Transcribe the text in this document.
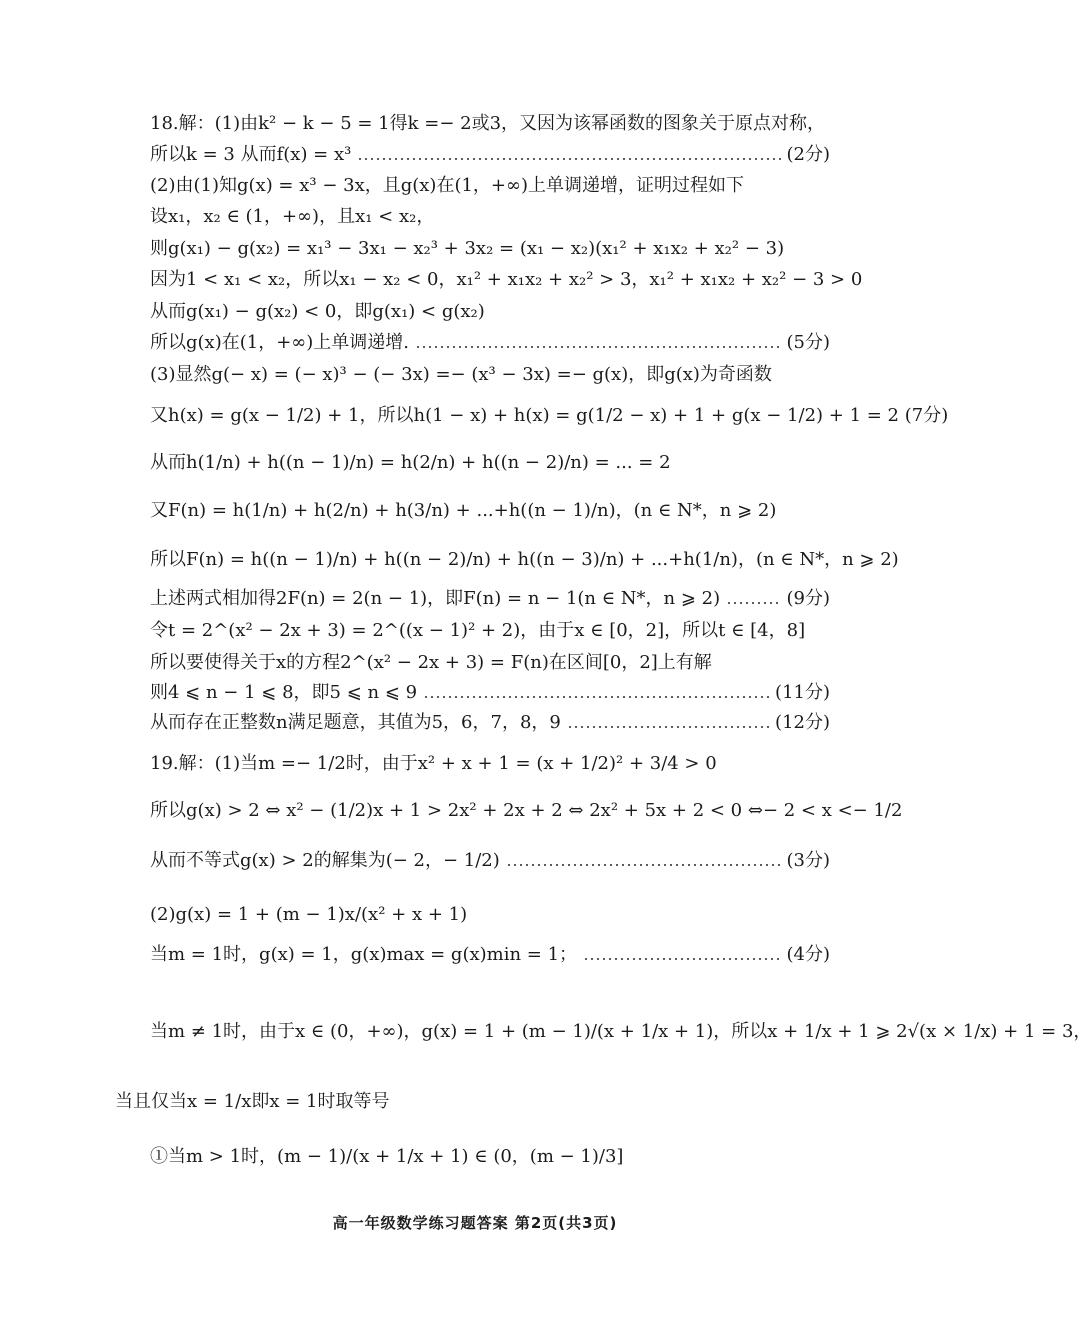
18.解：(1)由k² − k − 5 = 1得k =− 2或3，又因为该幂函数的图象关于原点对称，
所以k = 3 从而f(x) = x³	(2分)
(2)由(1)知g(x) = x³ − 3x，且g(x)在(1，+∞)上单调递增，证明过程如下
设x₁，x₂ ∈ (1，+∞)，且x₁ < x₂，
则g(x₁) − g(x₂) = x₁³ − 3x₁ − x₂³ + 3x₂ = (x₁ − x₂)(x₁² + x₁x₂ + x₂² − 3)
因为1 < x₁ < x₂，所以x₁ − x₂ < 0，x₁² + x₁x₂ + x₂² > 3，x₁² + x₁x₂ + x₂² − 3 > 0
从而g(x₁) − g(x₂) < 0，即g(x₁) < g(x₂)
所以g(x)在(1，+∞)上单调递增.	(5分)
(3)显然g(− x) = (− x)³ − (− 3x) =− (x³ − 3x) =− g(x)，即g(x)为奇函数
又h(x) = g(x − 1/2) + 1，所以h(1 − x) + h(x) = g(1/2 − x) + 1 + g(x − 1/2) + 1 = 2 (7分)
从而h(1/n) + h((n − 1)/n) = h(2/n) + h((n − 2)/n) = ... = 2
又F(n) = h(1/n) + h(2/n) + h(3/n) + ...+h((n − 1)/n)，(n ∈ N*，n ⩾ 2)
所以F(n) = h((n − 1)/n) + h((n − 2)/n) + h((n − 3)/n) + ...+h(1/n)，(n ∈ N*，n ⩾ 2)
上述两式相加得2F(n) = 2(n − 1)，即F(n) = n − 1(n ∈ N*，n ⩾ 2)	(9分)
令t = 2^(x² − 2x + 3) = 2^((x − 1)² + 2)，由于x ∈ [0，2]，所以t ∈ [4，8]
所以要使得关于x的方程2^(x² − 2x + 3) = F(n)在区间[0，2]上有解
则4 ⩽ n − 1 ⩽ 8，即5 ⩽ n ⩽ 9	(11分)
从而存在正整数n满足题意，其值为5，6，7，8，9	(12分)
19.解：(1)当m =− 1/2时，由于x² + x + 1 = (x + 1/2)² + 3/4 > 0
所以g(x) > 2 ⇔ x² − (1/2)x + 1 > 2x² + 2x + 2 ⇔ 2x² + 5x + 2 < 0 ⇔− 2 < x <− 1/2
从而不等式g(x) > 2的解集为(− 2，− 1/2)	(3分)
(2)g(x) = 1 + (m − 1)x/(x² + x + 1)
当m = 1时，g(x) = 1，g(x)max = g(x)min = 1；	(4分)
当m ≠ 1时，由于x ∈ (0，+∞)，g(x) = 1 + (m − 1)/(x + 1/x + 1)，所以x + 1/x + 1 ⩾ 2√(x × 1/x) + 1 = 3，
当且仅当x = 1/x即x = 1时取等号
①当m > 1时，(m − 1)/(x + 1/x + 1) ∈ (0，(m − 1)/3]
高一年级数学练习题答案 第2页(共3页)
